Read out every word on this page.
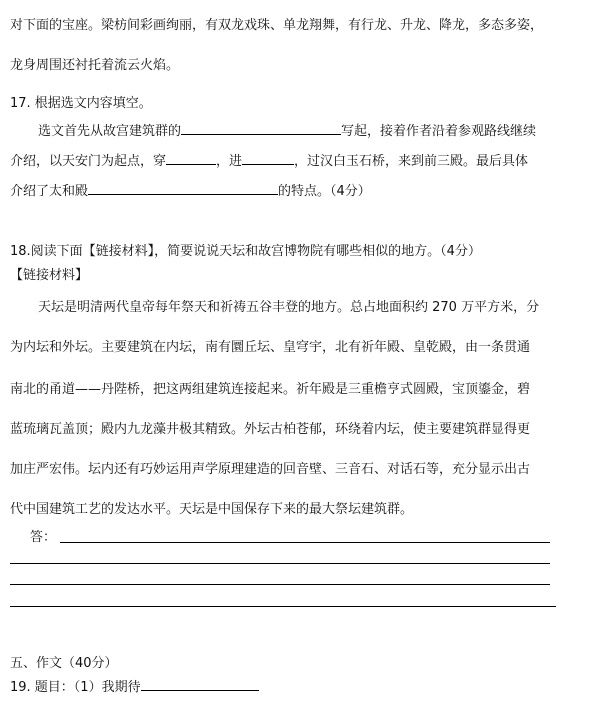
对下面的宝座。梁枋间彩画绚丽，有双龙戏珠、单龙翔舞，有行龙、升龙、降龙，多态多姿，
龙身周围还衬托着流云火焰。
17. 根据选文内容填空。
选文首先从故宫建筑群的	写起，接着作者沿着参观路线继续
介绍，以天安门为起点，穿	，进	，过汉白玉石桥，来到前三殿。最后具体
介绍了太和殿	的特点。（4分）
18.阅读下面【链接材料】，简要说说天坛和故宫博物院有哪些相似的地方。（4分）
【链接材料】
天坛是明清两代皇帝每年祭天和祈祷五谷丰登的地方。总占地面积约 270 万平方米，分
为内坛和外坛。主要建筑在内坛，南有圜丘坛、皇穹宇，北有祈年殿、皇乾殿，由一条贯通
南北的甬道——丹陛桥，把这两组建筑连接起来。祈年殿是三重檐亨式圆殿，宝顶鎏金，碧
蓝琉璃瓦盖顶；殿内九龙藻井极其精致。外坛古柏苍郁，环绕着内坛，使主要建筑群显得更
加庄严宏伟。坛内还有巧妙运用声学原理建造的回音壁、三音石、对话石等，充分显示出古
代中国建筑工艺的发达水平。天坛是中国保存下来的最大祭坛建筑群。
答：
五、作文（40分）
19. 题目：（1）我期待
